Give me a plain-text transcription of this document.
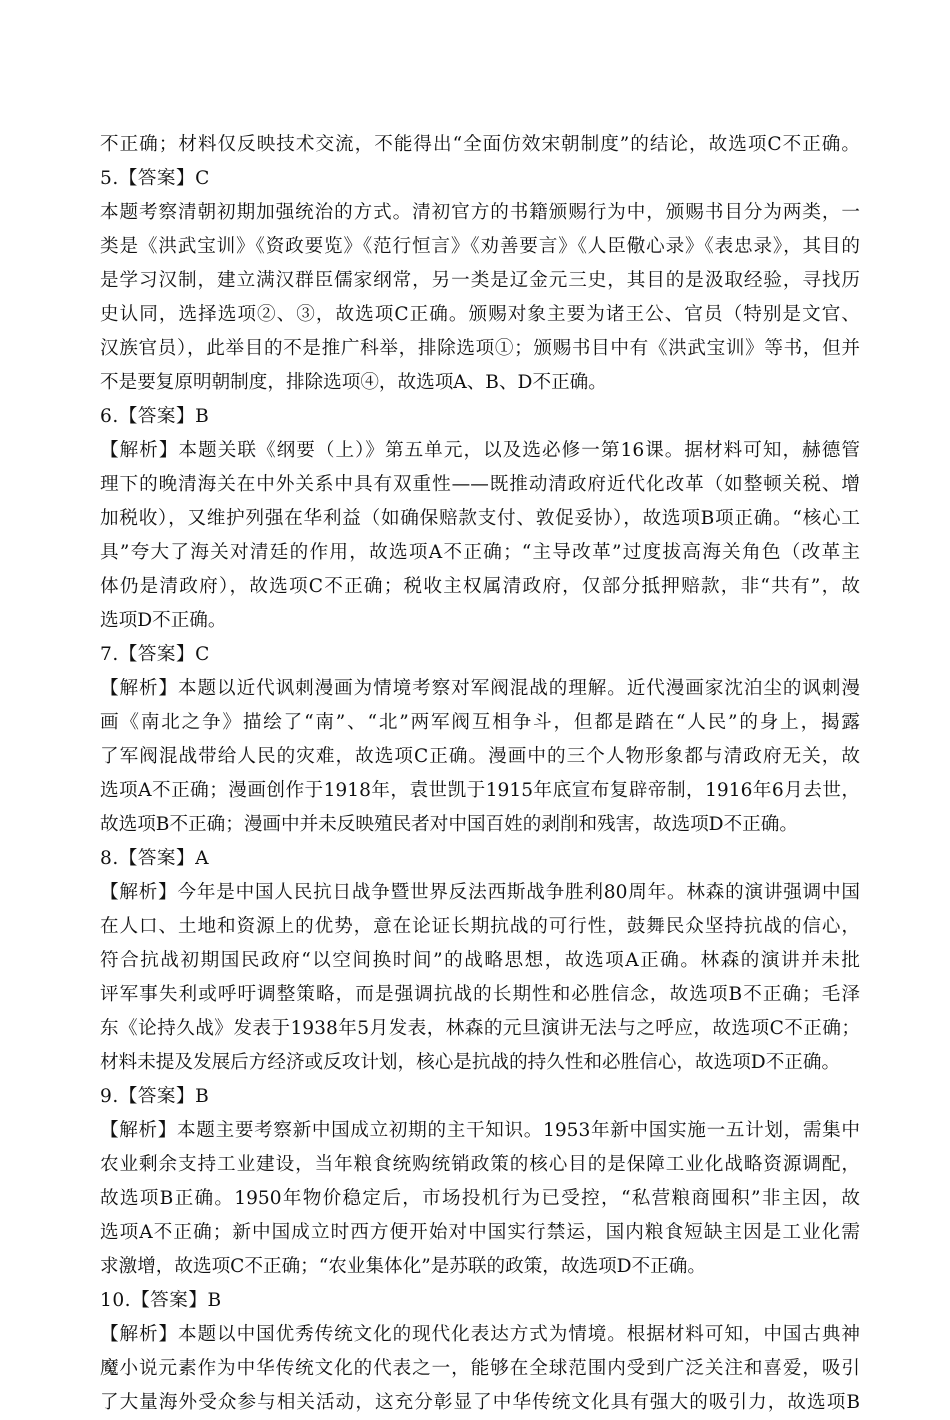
不正确；材料仅反映技术交流，不能得出“全面仿效宋朝制度”的结论，故选项C不正确。
5.【答案】C
本题考察清朝初期加强统治的方式。清初官方的书籍颁赐行为中，颁赐书目分为两类，一
类是《洪武宝训》《资政要览》《范行恒言》《劝善要言》《人臣儆心录》《表忠录》，其目的
是学习汉制，建立满汉群臣儒家纲常，另一类是辽金元三史，其目的是汲取经验，寻找历
史认同，选择选项②、③，故选项C正确。颁赐对象主要为诸王公、官员（特别是文官、
汉族官员），此举目的不是推广科举，排除选项①；颁赐书目中有《洪武宝训》等书，但并
不是要复原明朝制度，排除选项④，故选项A、B、D不正确。
6.【答案】B
【解析】本题关联《纲要（上）》第五单元，以及选必修一第16课。据材料可知，赫德管
理下的晚清海关在中外关系中具有双重性——既推动清政府近代化改革（如整顿关税、增
加税收），又维护列强在华利益（如确保赔款支付、敦促妥协），故选项B项正确。“核心工
具”夸大了海关对清廷的作用，故选项A不正确；“主导改革”过度拔高海关角色（改革主
体仍是清政府），故选项C不正确；税收主权属清政府，仅部分抵押赔款，非“共有”，故
选项D不正确。
7.【答案】C
【解析】本题以近代讽刺漫画为情境考察对军阀混战的理解。近代漫画家沈泊尘的讽刺漫
画《南北之争》描绘了“南”、“北”两军阀互相争斗，但都是踏在“人民”的身上，揭露
了军阀混战带给人民的灾难，故选项C正确。漫画中的三个人物形象都与清政府无关，故
选项A不正确；漫画创作于1918年，袁世凯于1915年底宣布复辟帝制，1916年6月去世，
故选项B不正确；漫画中并未反映殖民者对中国百姓的剥削和残害，故选项D不正确。
8.【答案】A
【解析】今年是中国人民抗日战争暨世界反法西斯战争胜利80周年。林森的演讲强调中国
在人口、土地和资源上的优势，意在论证长期抗战的可行性，鼓舞民众坚持抗战的信心，
符合抗战初期国民政府“以空间换时间”的战略思想，故选项A正确。林森的演讲并未批
评军事失利或呼吁调整策略，而是强调抗战的长期性和必胜信念，故选项B不正确；毛泽
东《论持久战》发表于1938年5月发表，林森的元旦演讲无法与之呼应，故选项C不正确；
材料未提及发展后方经济或反攻计划，核心是抗战的持久性和必胜信心，故选项D不正确。
9.【答案】B
【解析】本题主要考察新中国成立初期的主干知识。1953年新中国实施一五计划，需集中
农业剩余支持工业建设，当年粮食统购统销政策的核心目的是保障工业化战略资源调配，
故选项B正确。1950年物价稳定后，市场投机行为已受控，“私营粮商囤积”非主因，故
选项A不正确；新中国成立时西方便开始对中国实行禁运，国内粮食短缺主因是工业化需
求激增，故选项C不正确；“农业集体化”是苏联的政策，故选项D不正确。
10.【答案】B
【解析】本题以中国优秀传统文化的现代化表达方式为情境。根据材料可知，中国古典神
魔小说元素作为中华传统文化的代表之一，能够在全球范围内受到广泛关注和喜爱，吸引
了大量海外受众参与相关活动，这充分彰显了中华传统文化具有强大的吸引力，故选项B
